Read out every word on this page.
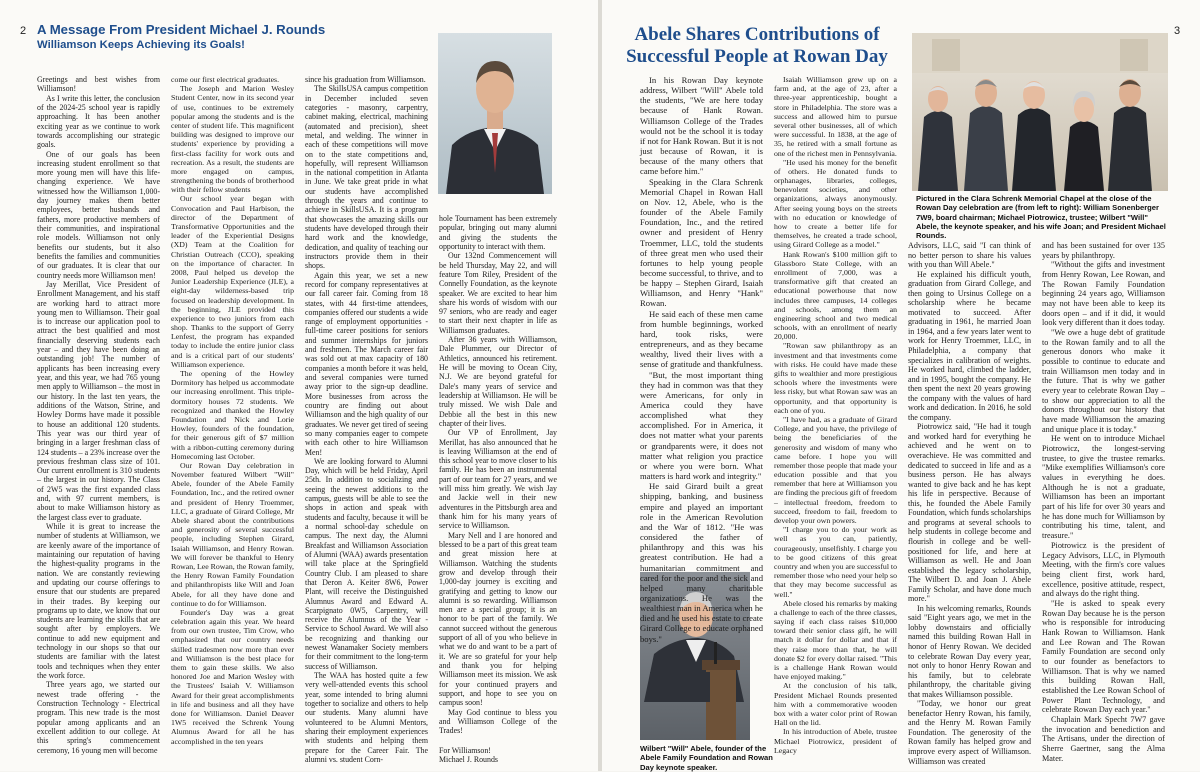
2 A Message From President Michael J. Rounds
Williamson Keeps Achieving its Goals!

Greetings and best wishes from Williamson!

As I write this letter, the conclusion of the 2024-25 school year is rapidly approaching. It has been another exciting year as we continue to work towards accomplishing our strategic goals.

One of our goals has been increasing student enrollment so that more young men will have this life-changing experience. We have witnessed how the Williamson 1,000-day journey makes them better employees, better husbands and fathers, more productive members of their communities, and inspirational role models. Williamson not only benefits our students, but it also benefits the families and communities of our graduates. It is clear that our country needs more Williamson men!

Jay Merillat, Vice President of Enrollment Management, and his staff are working hard to attract more young men to Williamson. Their goal is to increase our application pool to attract the best qualified and most financially deserving students each year – and they have been doing an outstanding job! The number of applicants has been increasing every year, and this year, we had 765 young men apply to Williamson – the most in our history. In the last ten years, the additions of the Watson, Strine, and Howley Dorms have made it possible to house an additional 120 students. This year was our third year of bringing in a larger freshman class of 124 students – a 23% increase over the previous freshman class size of 101. Our current enrollment is 310 students – the largest in our history. The Class of 2W5 was the first expanded class and, with 97 current members, is about to make Williamson history as the largest class ever to graduate.

While it is great to increase the number of students at Williamson, we are keenly aware of the importance of maintaining our reputation of having the highest-quality programs in the nation. We are constantly reviewing and updating our course offerings to ensure that our students are prepared in their trades. By keeping our programs up to date, we know that our students are learning the skills that are sought after by employers. We continue to add new equipment and technology in our shops so that our students are familiar with the latest tools and techniques when they enter the work force.

Three years ago, we started our newest trade offering - the Construction Technology - Electrical program. This new trade is the most popular among applicants and an excellent addition to our college. At this spring's commencement ceremony, 16 young men will become

come our first electrical graduates.

The Joseph and Marion Wesley Student Center, now in its second year of use, continues to be extremely popular among the students and is the center of student life. This magnificent building was designed to improve our students' experience by providing a first-class facility for work outs and recreation. As a result, the students are more engaged on campus, strengthening the bonds of brotherhood with their fellow students

Our school year began with Convocation and Paul Harbison, the director of the Department of Transformative Opportunities and the leader of the Experiential Designs (XD) Team at the Coalition for Christian Outreach (CCO), speaking on the importance of character. In 2008, Paul helped us develop the Junior Leadership Experience (JLE), a eight-day wilderness-based trip focused on leadership development. In the beginning, JLE provided this experience to two juniors from each shop. Thanks to the support of Gerry Lenfest, the program has expanded today to include the entire junior class and is a critical part of our students' Williamson experience.

The opening of the Howley Dormitory has helped us accommodate our increasing enrollment. This triple-dormitory houses 72 students. We recognized and thanked the Howley Foundation and Nick and Lorie Howley, founders of the foundation, for their generous gift of $7 million with a ribbon-cutting ceremony during Homecoming last October.

Our Rowan Day celebration in November featured Wilbert "Will" Abele, founder of the Abele Family Foundation, Inc., and the retired owner and president of Henry Troemmer, LLC, a graduate of Girard College, Mr Abele shared about the contributions and generosity of several successful people, including Stephen Girard, Isaiah Williamson, and Henry Rowan. We will forever be thankful to Henry Rowan, Lee Rowan, the Rowan family, the Henry Rowan Family Foundation and philanthropists like Will and Joan Abele, for all they have done and continue to do for Williamson.

Founder's Day was a great celebration again this year. We heard from our own trustee, Tim Crow, who emphasized that our country needs skilled tradesmen now more than ever and Williamson is the best place for them to gain these skills. We also honored Joe and Marion Wesley with the Trustees' Isaiah V. Williamson Award for their great accomplishments in life and business and all they have done for Williamson. Daniel Deaver 1W5 received the Schrenk Young Alumnus Award for all he has accomplished in the ten years

since his graduation from Williamson.

The SkillsUSA campus competition in December included seven categories - masonry, carpentry, cabinet making, electrical, machining (automated and precision), sheet metal, and welding. The winner in each of these competitions will move on to the state competitions and, hopefully, will represent Williamson in the national competition in Atlanta in June. We take great pride in what our students have accomplished through the years and continue to achieve in SkillsUSA. It is a program that showcases the amazing skills our students have developed through their hard work and the knowledge, dedication, and quality of teaching our instructors provide them in their shops.

Again this year, we set a new record for company representatives at our fall career fair. Coming from 18 states, with 44 first-time attendees, companies offered our students a wide range of employment opportunities - full-time career positions for seniors and summer internships for juniors and freshmen. The March career fair was sold out at max capacity of 180 companies a month before it was held, and several companies were turned away prior to the sign-up deadline. More businesses from across the country are finding out about Williamson and the high quality of our graduates. We never get tired of seeing so many companies eager to compete with each other to hire Williamson Men!

We are looking forward to Alumni Day, which will be held Friday, April 25th. In addition to socializing and seeing the newest additions to the campus, guests will be able to see the shops in action and speak with students and faculty, because it will be a normal school-day schedule on campus. The next day, the Alumni Breakfast and Williamson Association of Alumni (WAA) awards presentation will take place at the Springfield Country Club. I am pleased to share that Deron A. Keiter 8W6, Power Plant, will receive the Distinguished Alumnus Award and Edward A. Scarpignato 0W5, Carpentry, will receive the Alumnus of the Year - Service to School Award. We will also be recognizing and thanking our newest Wanamaker Society members for their commitment to the long-term success of Williamson.

The WAA has hosted quite a few very well-attended events this school year, some intended to bring alumni together to socialize and others to help our students. Many alumni have volunteered to be Alumni Mentors, sharing their employment experiences with students and helping them prepare for the Career Fair. The alumni vs. student Corn-

hole Tournament has been extremely popular, bringing out many alumni and giving the students the opportunity to interact with them.

Our 132nd Commencement will be held Thursday, May 22, and will feature Tom Riley, President of the Connelly Foundation, as the keynote speaker. We are excited to hear him share his words of wisdom with our 97 seniors, who are ready and eager to start their next chapter in life as Williamson graduates.

After 36 years with Williamson, Dale Plummer, our Director of Athletics, announced his retirement. He will be moving to Ocean City, N.J. We are beyond grateful for Dale's many years of service and leadership at Williamson. He will be truly missed. We wish Dale and Debbie all the best in this new chapter of their lives.

Our VP of Enrollment, Jay Merillat, has also announced that he is leaving Williamson at the end of this school year to move closer to his family. He has been an instrumental part of our team for 27 years, and we will miss him greatly. We wish Jay and Jackie well in their new adventures in the Pittsburgh area and thank him for his many years of service to Williamson.

Mary Nell and I are honored and blessed to be a part of this great team and great mission here at Williamson. Watching the students grow and develop through their 1,000-day journey is exciting and gratifying and getting to know our alumni is so rewarding. Williamson men are a special group; it is an honor to be part of the family. We cannot succeed without the generous support of all of you who believe in what we do and want to be a part of it. We are so grateful for your help and thank you for helping Williamson meet its mission. We ask for your continued prayers and support, and hope to see you on campus soon!

May God continue to bless you and Williamson College of the Trades!

For Williamson!

Michael J. Rounds

3
Abele Shares Contributions of
Successful People at Rowan Day
Pictured in the Clara Schrenk Memorial Chapel at the close of the Rowan Day celebration are (from left to right): William Sonenberger 7W9, board chairman; Michael Piotrowicz, trustee; Wilbert "Will" Abele, the keynote speaker, and his wife Joan; and President Michael Rounds.
Wilbert "Will" Abele, founder of the Abele Family Foundation and Rowan Day keynote speaker.

In his Rowan Day keynote address, Wilbert "Will" Abele told the students, "We are here today because of Hank Rowan. Williamson College of the Trades would not be the school it is today if not for Hank Rowan. But it is not just because of Rowan, it is because of the many others that came before him."

Speaking in the Clara Schrenk Memorial Chapel in Rowan Hall on Nov. 12, Abele, who is the founder of the Abele Family Foundation, Inc., and the retired owner and president of Henry Troemmer, LLC, told the students of three great men who used their fortunes to help young people become successful, to thrive, and to be happy – Stephen Girard, Isaiah Williamson, and Henry "Hank" Rowan.

He said each of these men came from humble beginnings, worked hard, took risks, were entrepreneurs, and as they became wealthy, lived their lives with a sense of gratitude and thankfulness.

"But, the most important thing they had in common was that they were Americans, for only in America could they have accomplished what they accomplished. For in America, it does not matter what your parents or grandparents were, it does not matter what religion you practice or where you were born. What matters is hard work and integrity."

He said Girard built a great shipping, banking, and business empire and played an important role in the American Revolution and the War of 1812. "He was considered the father of philanthropy and this was his greatest contribution. He had a humanitarian commitment and cared for the poor and the sick and helped many charitable organizations. He was the wealthiest man in America when he died and he used his estate to create Girard College to educate orphaned boys."

Isaiah Williamson grew up on a farm and, at the age of 23, after a three-year apprenticeship, bought a store in Philadelphia. The store was a success and allowed him to pursue several other businesses, all of which were successful. In 1838, at the age of 35, he retired with a small fortune as one of the richest men in Pennsylvania.

"He used his money for the benefit of others. He donated funds to orphanages, libraries, colleges, benevolent societies, and other organizations, always anonymously. After seeing young boys on the streets with no education or knowledge of how to create a better life for themselves, he created a trade school, using Girard College as a model."

Hank Rowan's $100 million gift to Glassboro State College, with an enrollment of 7,000, was a transformative gift that created an educational powerhouse that now includes three campuses, 14 colleges and schools, among them an engineering school and two medical schools, with an enrollment of nearly 20,000.

"Rowan saw philanthropy as an investment and that investments come with risks. He could have made these gifts to wealthier and more prestigious schools where the investments were less risky, but what Rowan saw was an opportunity, and that opportunity is each one of you.

"I have had, as a graduate of Girard College, and you have, the privilege of being the beneficiaries of the generosity and wisdom of many who came before. I hope you will remember those people that made your education possible and that you remember that here at Williamson you are finding the precious gift of freedom – intellectual freedom, freedom to succeed, freedom to fail, freedom to develop your own powers.

"I charge you to do your work as well as you can, patiently, courageously, unselfishly. I charge you to be good citizens of this great country and when you are successful to remember those who need your help so that they may become successful as well."

Abele closed his remarks by making a challenge to each of the three classes, saying if each class raises $10,000 toward their senior class gift, he will match it dollar for dollar and that if they raise more than that, he will donate $2 for every dollar raised. "This is a challenge Hank Rowan would have enjoyed making."

At the conclusion of his talk, President Michael Rounds presented him with a commemorative wooden box with a water color print of Rowan Hall on the lid.

In his introduction of Abele, trustee Michael Piotrowicz, president of Legacy

Advisors, LLC, said "I can think of no better person to share his values with you than Will Abele."

He explained his difficult youth, graduation from Girard College, and then going to Ursinus College on a scholarship where he became motivated to succeed. After graduating in 1961, he married Joan in 1964, and a few years later went to work for Henry Troemmer, LLC, in Philadelphia, a company that specializes in calibration of weights. He worked hard, climbed the ladder, and in 1995, bought the company. He then spent the next 20 years growing the company with the values of hard work and dedication. In 2016, he sold the company.

Piotrowicz said, "He had it tough and worked hard for everything he achieved and he went on to overachieve. He was committed and dedicated to succeed in life and as a business person. He has always wanted to give back and he has kept his life in perspective. Because of this, he founded the Abele Family Foundation, which funds scholarships and programs at several schools to help students in college become and flourish in college and be well-positioned for life, and here at Williamson as well. He and Joan established the legacy scholarship, The Wilbert D. and Joan J. Abele Family Scholar, and have done much more."

In his welcoming remarks, Rounds said "Eight years ago, we met in the lobby downstairs and officially named this building Rowan Hall in honor of Henry Rowan. We decided to celebrate Rowan Day every year, not only to honor Henry Rowan and his family, but to celebrate philanthropy, the charitable giving that makes Williamson possible.

"Today, we honor our great benefactor Henry Rowan, his family, and the Henry M. Rowan Family Foundation. The generosity of the Rowan family has helped grow and improve every aspect of Williamson. Williamson was created

and has been sustained for over 135 years by philanthropy.

"Without the gifts and investment from Henry Rowan, Lee Rowan, and The Rowan Family Foundation beginning 24 years ago, Williamson may not have been able to keep its doors open – and if it did, it would look very different than it does today.

"We owe a huge debt of gratitude to the Rowan family and to all the generous donors who make it possible to continue to educate and train Williamson men today and in the future. That is why we gather every year to celebrate Rowan Day – to show our appreciation to all the donors throughout our history that have made Williamson the amazing and unique place it is today."

He went on to introduce Michael Piotrowicz, the longest-serving trustee, to give the trustee remarks. "Mike exemplifies Williamson's core values in everything he does. Although he is not a graduate, Williamson has been an important part of his life for over 30 years and he has done much for Williamson by contributing his time, talent, and treasure."

Piotrowicz is the president of Legacy Advisors, LLC, in Plymouth Meeting, with the firm's core values being client first, work hard, excellence, positive attitude, respect, and always do the right thing.

"He is asked to speak every Rowan Day because he is the person who is responsible for introducing Hank Rowan to Williamson. Hank and Lee Rowan and The Rowan Family Foundation are second only to our founder as benefactors to Williamson. That is why we named this building Rowan Hall, established the Lee Rowan School of Power Plant Technology, and celebrate Rowan Day each year."

Chaplain Mark Specht 7W7 gave the invocation and benediction and The Artisans, under the direction of Sherre Gaertner, sang the Alma Mater.
